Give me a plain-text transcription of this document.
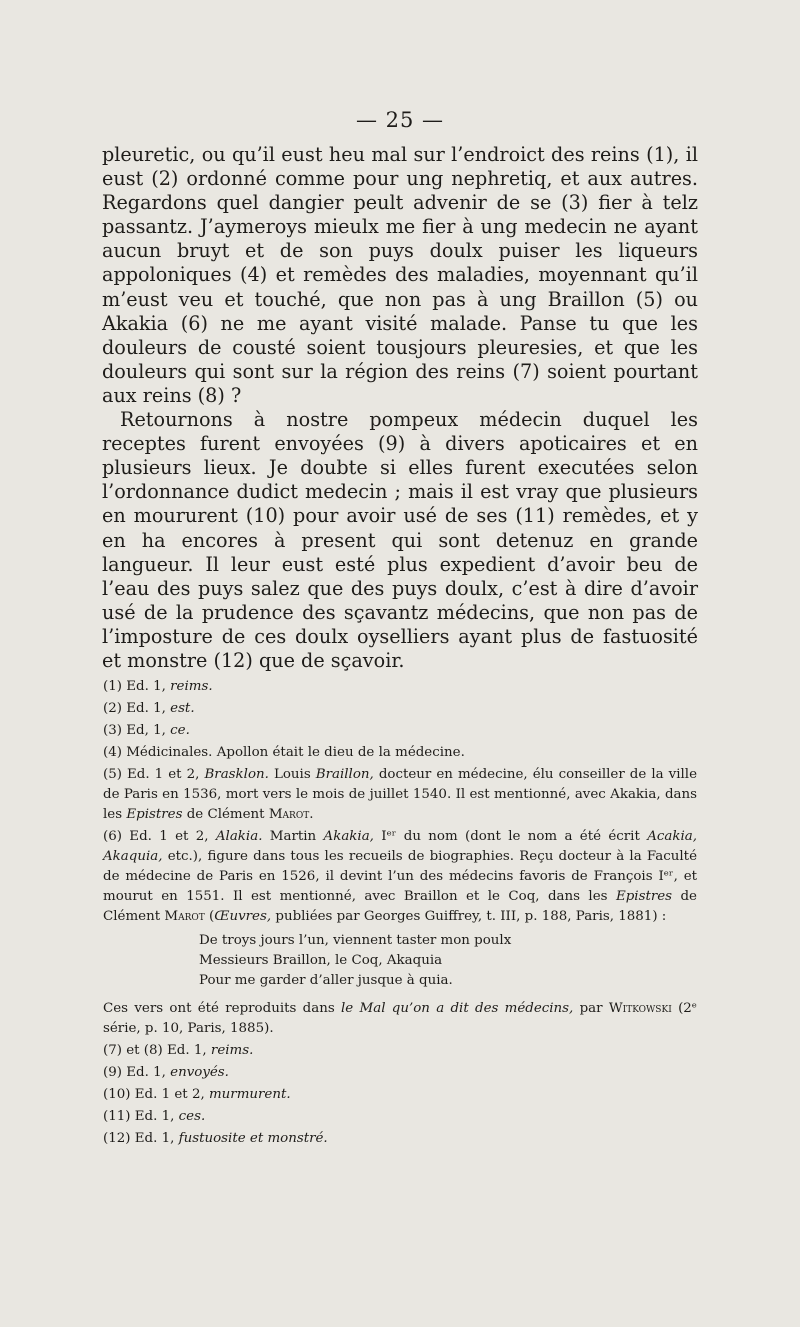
— 25 —

pleuretic, ou qu’il eust heu mal sur l’endroict des reins (1), il eust (2) ordonné comme pour ung nephretiq, et aux autres. Regardons quel dangier peult advenir de se (3) fier à telz passantz. J’aymeroys mieulx me fier à ung medecin ne ayant aucun bruyt et de son puys doulx puiser les liqueurs appoloniques (4) et remèdes des maladies, moyennant qu’il m’eust veu et touché, que non pas à ung Braillon (5) ou Akakia (6) ne me ayant visité malade. Panse tu que les douleurs de cousté soient tousjours pleuresies, et que les douleurs qui sont sur la région des reins (7) soient pourtant aux reins (8) ?

Retournons à nostre pompeux médecin duquel les receptes furent envoyées (9) à divers apoticaires et en plusieurs lieux. Je doubte si elles furent executées selon l’ordonnance dudict medecin ; mais il est vray que plusieurs en moururent (10) pour avoir usé de ses (11) remèdes, et y en ha encores à present qui sont detenuz en grande langueur. Il leur eust esté plus expedient d’avoir beu de l’eau des puys salez que des puys doulx, c’est à dire d’avoir usé de la prudence des sçavantz médecins, que non pas de l’imposture de ces doulx oyselliers ayant plus de fastuosité et monstre (12) que de sçavoir.

(1) Ed. 1, reims.

(2) Ed. 1, est.

(3) Ed, 1, ce.

(4) Médicinales. Apollon était le dieu de la médecine.

(5) Ed. 1 et 2, Brasklon. Louis Braillon, docteur en médecine, élu conseiller de la ville de Paris en 1536, mort vers le mois de juillet 1540. Il est mentionné, avec Akakia, dans les Epistres de Clément Marot.

(6) Ed. 1 et 2, Alakia. Martin Akakia, Iᵉʳ du nom (dont le nom a été écrit Acakia, Akaquia, etc.), figure dans tous les recueils de biographies. Reçu docteur à la Faculté de médecine de Paris en 1526, il devint l’un des médecins favoris de François Iᵉʳ, et mourut en 1551. Il est mentionné, avec Braillon et le Coq, dans les Epistres de Clément Marot (Œuvres, publiées par Georges Guiffrey, t. III, p. 188, Paris, 1881) :

De troys jours l’un, viennent taster mon poulx
Messieurs Braillon, le Coq, Akaquia
Pour me garder d’aller jusque à quia.

Ces vers ont été reproduits dans le Mal qu’on a dit des médecins, par Witkowski (2ᵉ série, p. 10, Paris, 1885).

(7) et (8) Ed. 1, reims.

(9) Ed. 1, envoyés.

(10) Ed. 1 et 2, murmurent.

(11) Ed. 1, ces.

(12) Ed. 1, fustuosite et monstré.
